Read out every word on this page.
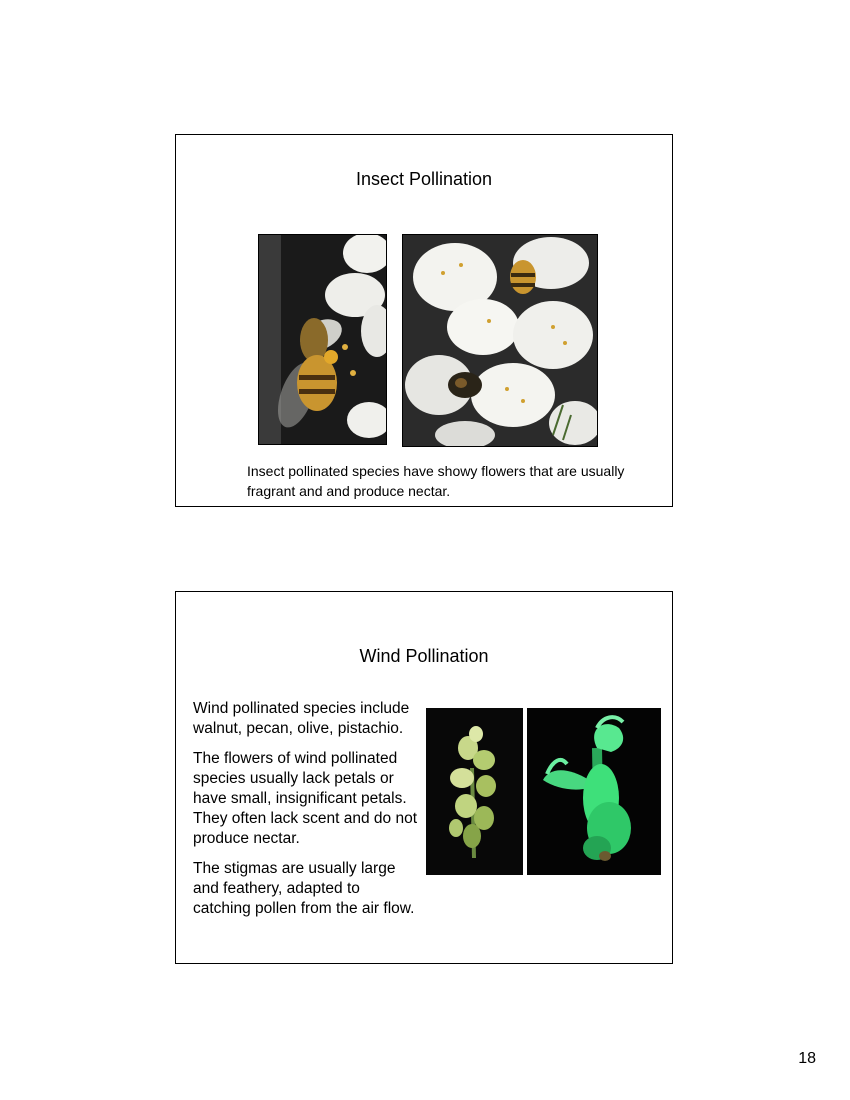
Insect Pollination
Insect pollinated species have showy flowers that are usually fragrant and and produce nectar.
Wind Pollination

Wind pollinated species include walnut, pecan, olive, pistachio.

The flowers of wind pollinated species usually lack petals or have small, insignificant petals. They often lack scent and do not produce nectar.

The stigmas are usually large and feathery, adapted to catching pollen from the air flow.

18
